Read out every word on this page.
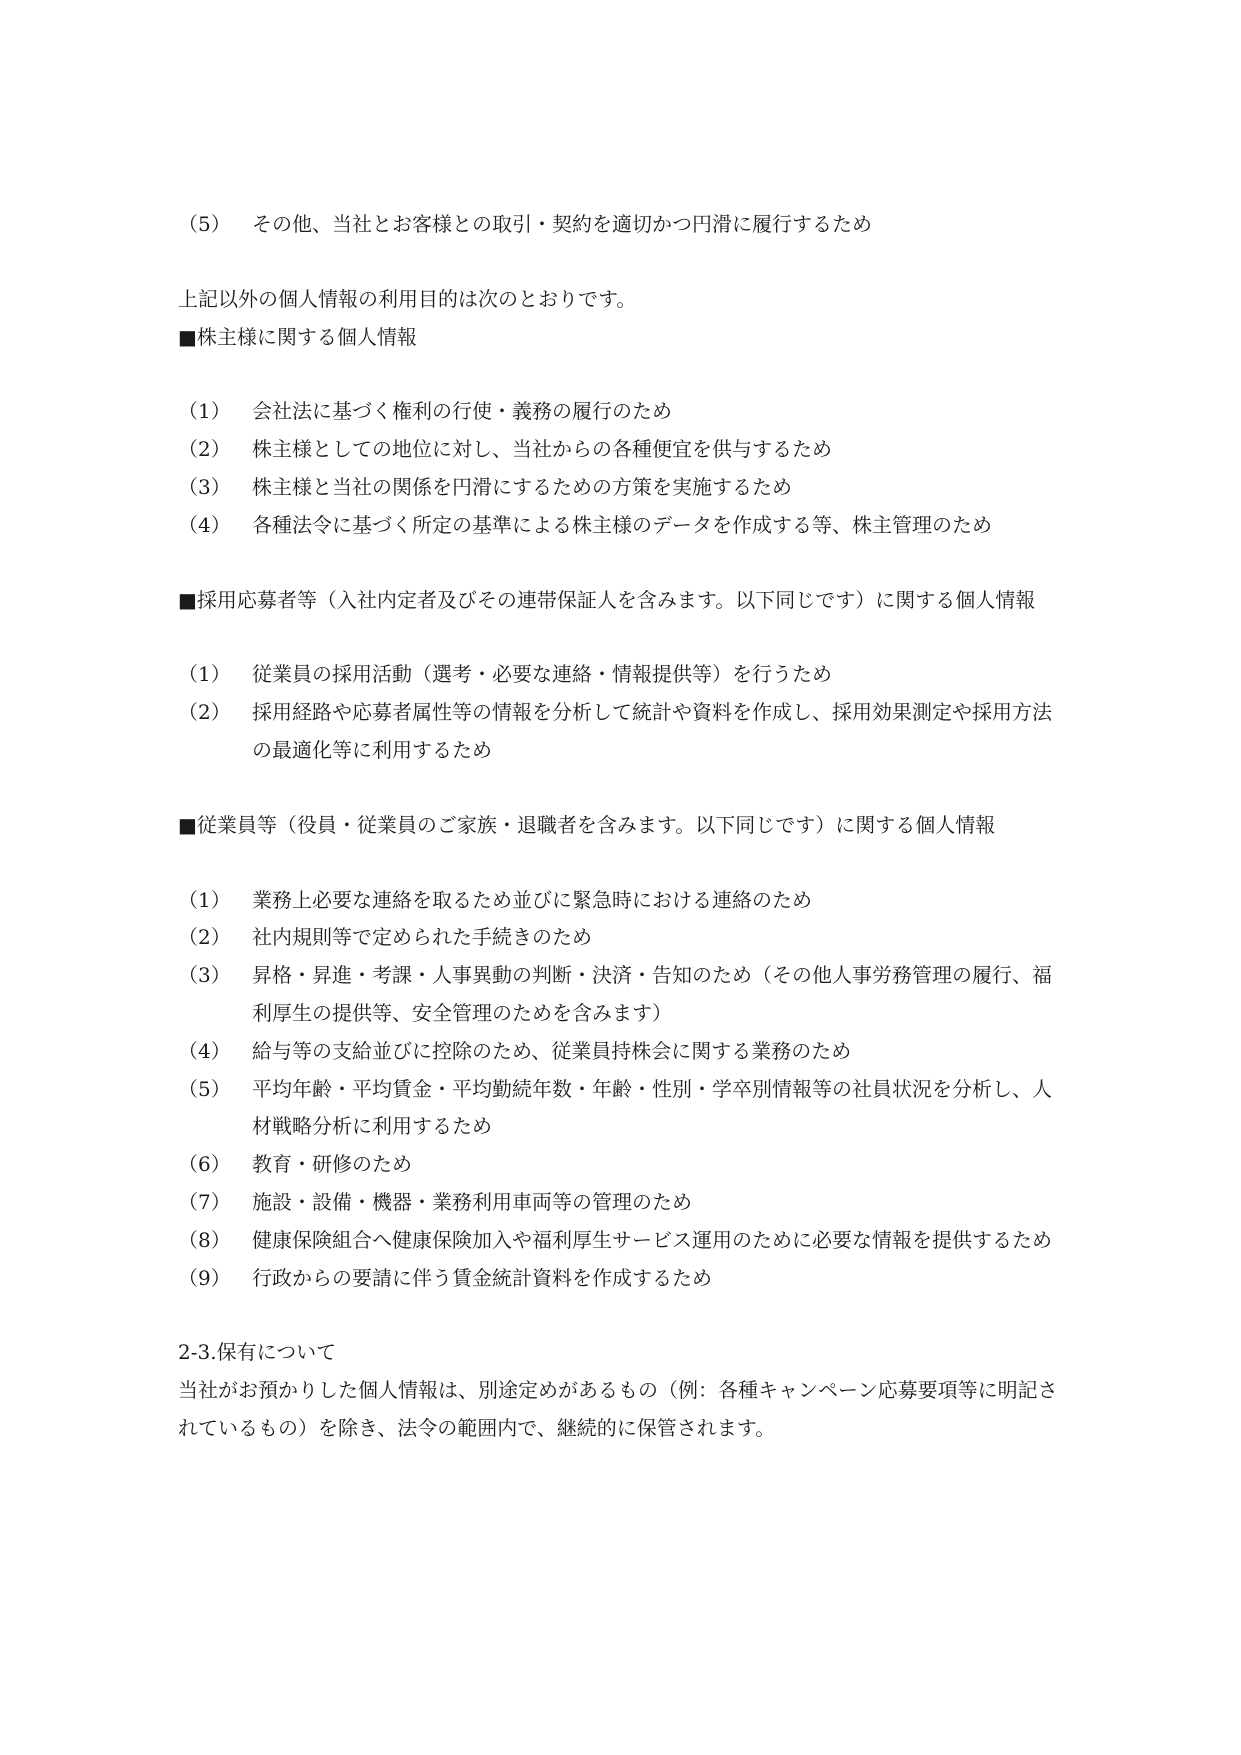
（5）	その他、当社とお客様との取引・契約を適切かつ円滑に履行するため
上記以外の個人情報の利用目的は次のとおりです。
■株主様に関する個人情報
（1）	会社法に基づく権利の行使・義務の履行のため
（2）	株主様としての地位に対し、当社からの各種便宜を供与するため
（3）	株主様と当社の関係を円滑にするための方策を実施するため
（4）	各種法令に基づく所定の基準による株主様のデータを作成する等、株主管理のため
■採用応募者等（入社内定者及びその連帯保証人を含みます。以下同じです）に関する個人情報
（1）	従業員の採用活動（選考・必要な連絡・情報提供等）を行うため
（2）	採用経路や応募者属性等の情報を分析して統計や資料を作成し、採用効果測定や採用方法の最適化等に利用するため
■従業員等（役員・従業員のご家族・退職者を含みます。以下同じです）に関する個人情報
（1）	業務上必要な連絡を取るため並びに緊急時における連絡のため
（2）	社内規則等で定められた手続きのため
（3）	昇格・昇進・考課・人事異動の判断・決済・告知のため（その他人事労務管理の履行、福利厚生の提供等、安全管理のためを含みます）
（4）	給与等の支給並びに控除のため、従業員持株会に関する業務のため
（5）	平均年齢・平均賃金・平均勤続年数・年齢・性別・学卒別情報等の社員状況を分析し、人材戦略分析に利用するため
（6）	教育・研修のため
（7）	施設・設備・機器・業務利用車両等の管理のため
（8）	健康保険組合へ健康保険加入や福利厚生サービス運用のために必要な情報を提供するため
（9）	行政からの要請に伴う賃金統計資料を作成するため
2-3.保有について
当社がお預かりした個人情報は、別途定めがあるもの（例：各種キャンペーン応募要項等に明記されているもの）を除き、法令の範囲内で、継続的に保管されます。
